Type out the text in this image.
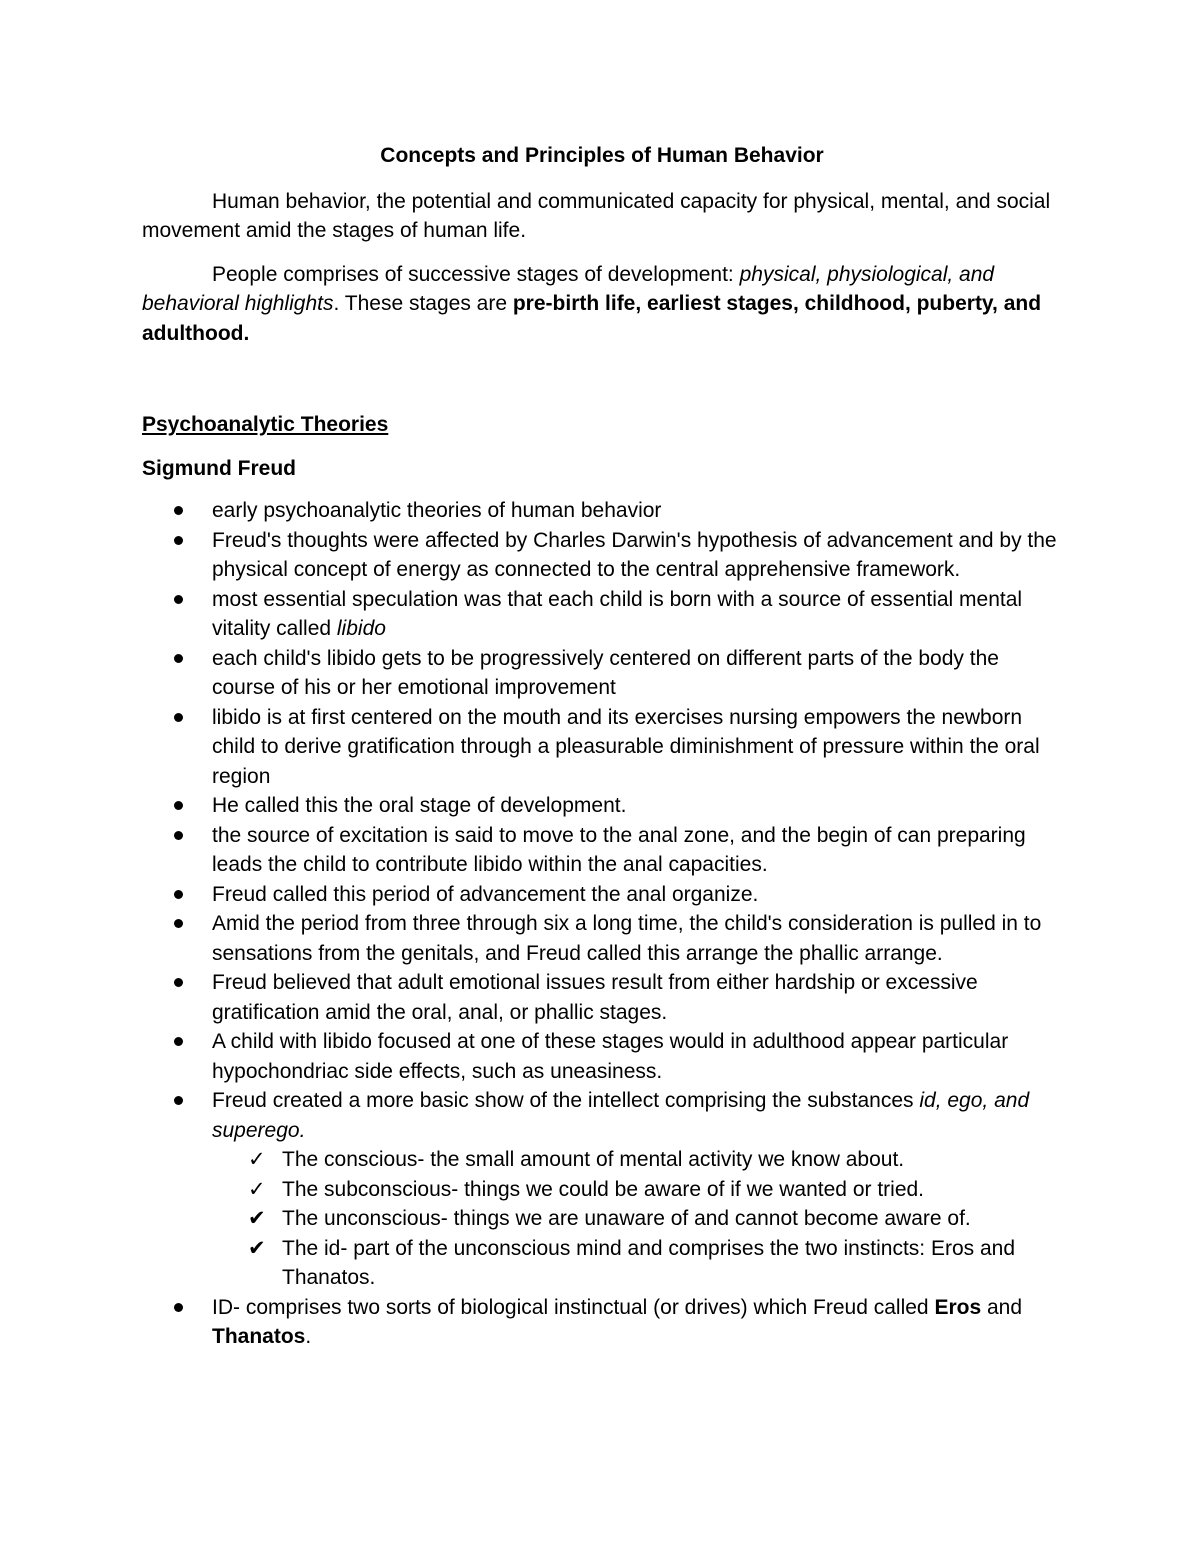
Concepts and Principles of Human Behavior

Human behavior, the potential and communicated capacity for physical, mental, and social movement amid the stages of human life.

People comprises of successive stages of development: physical, physiological, and behavioral highlights. These stages are pre-birth life, earliest stages, childhood, puberty, and adulthood.

Psychoanalytic Theories
Sigmund Freud
early psychoanalytic theories of human behavior
Freud's thoughts were affected by Charles Darwin's hypothesis of advancement and by the physical concept of energy as connected to the central apprehensive framework.
most essential speculation was that each child is born with a source of essential mental vitality called libido
each child's libido gets to be progressively centered on different parts of the body the course of his or her emotional improvement
libido is at first centered on the mouth and its exercises nursing empowers the newborn child to derive gratification through a pleasurable diminishment of pressure within the oral region
He called this the oral stage of development.
the source of excitation is said to move to the anal zone, and the begin of can preparing leads the child to contribute libido within the anal capacities.
Freud called this period of advancement the anal organize.
Amid the period from three through six a long time, the child's consideration is pulled in to sensations from the genitals, and Freud called this arrange the phallic arrange.
Freud believed that adult emotional issues result from either hardship or excessive gratification amid the oral, anal, or phallic stages.
A child with libido focused at one of these stages would in adulthood appear particular hypochondriac side effects, such as uneasiness.
Freud created a more basic show of the intellect comprising the substances id, ego, and superego.
✓ The conscious- the small amount of mental activity we know about.
✓ The subconscious- things we could be aware of if we wanted or tried.
✔ The unconscious- things we are unaware of and cannot become aware of.
✔ The id- part of the unconscious mind and comprises the two instincts: Eros and Thanatos.
ID- comprises two sorts of biological instinctual (or drives) which Freud called Eros and Thanatos.
